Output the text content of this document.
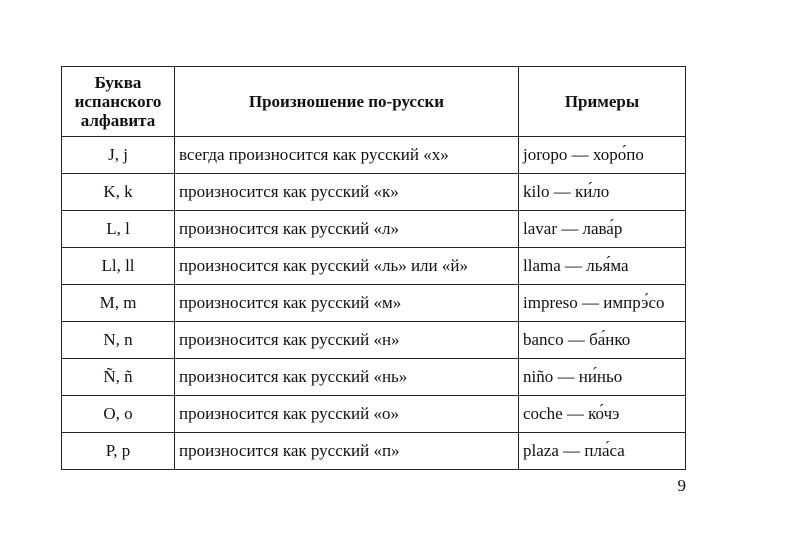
Буква испанского алфавита	Произношение по-русски	Примеры
J, j	всегда произносится как русский «х»	joropo — хоро́по
K, k	произносится как русский «к»	kilo — ки́ло
L, l	произносится как русский «л»	lavar — лава́р
Ll, ll	произносится как русский «ль» или «й»	llama — лья́ма
M, m	произносится как русский «м»	impreso — импрэ́со
N, n	произносится как русский «н»	banco — ба́нко
Ñ, ñ	произносится как русский «нь»	niño — ни́ньо
O, o	произносится как русский «о»	coche — ко́чэ
P, p	произносится как русский «п»	plaza — пла́са
9
